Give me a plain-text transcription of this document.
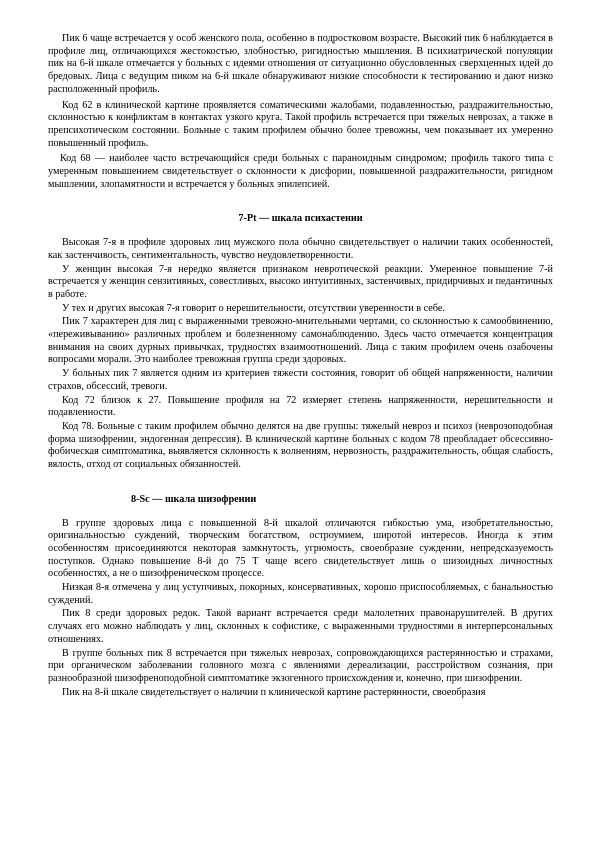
Пик 6 чаще встречается у особ женского пола, особенно в подростковом возрасте. Высокий пик 6 наблюдается в профиле лиц, отличающихся жестокостью, злобностью, ригидностью мышления. В психиатрической популяции пик на 6-й шкале отмечается у больных с идеями отношения от ситуационно обусловленных сверхценных идей до бредовых. Лица с ведущим пиком на 6-й шкале обнаруживают низкие способности к тестированию и дают низко расположенный профиль.

Код 62 в клинической картине проявляется соматическими жалобами, подавленностью, раздражительностью, склонностью к конфликтам в контактах узкого круга. Такой профиль встречается при тяжелых неврозах, а также в препсихотическом состоянии. Больные с таким профилем обычно более тревожны, чем показывает их умеренно повышенный профиль.

Код 68 — наиболее часто встречающийся среди больных с параноидным синдромом; профиль такого типа с умеренным повышением свидетельствует о склонности к дисфории, повышенной раздражительности, ригидном мышлении, злопамятности и встречается у больных эпилепсией.

7-Pt — шкала психастении

Высокая 7-я в профиле здоровых лиц мужского пола обычно свидетельствует о наличии таких особенностей, как застенчивость, сентиментальность, чувство неудовлетворенности.

У женщин высокая 7-я нередко является признаком невротической реакции. Умеренное повышение 7-й встречается у женщин сензитивных, совестливых, высоко интуитивных, застенчивых, придирчивых и педантичных в работе.

У тех и других высокая 7-я говорит о нерешительности, отсутствии уверенности в себе.

Пик 7 характерен для лиц с выраженными тревожно-мнительными чертами, со склонностью к самообвинению, «переживыванию» различных проблем и болезненному самонаблюдению. Здесь часто отмечается концентрация внимания на своих дурных привычках, трудностях взаимоотношений. Лица с таким профилем очень озабочены вопросами морали. Это наиболее тревожная группа среди здоровых.

У больных пик 7 является одним из критериев тяжести состояния, говорит об общей напряженности, наличии страхов, обсессий, тревоги.

Код 72 близок к 27. Повышение профиля на 72 измеряет степень напряженности, нерешительности и подавленности.

Код 78. Больные с таким профилем обычно делятся на две группы: тяжелый невроз и психоз (неврозоподобная форма шизофрении, эндогенная депрессия). В клинической картине больных с кодом 78 преобладает обсессивно-фобическая симптоматика, выявляется склонность к волнениям, нервозность, раздражительность, общая слабость, вялость, отход от социальных обязанностей.

8-Sc — шкала шизофрении

В группе здоровых лица с повышенной 8-й шкалой отличаются гибкостью ума, изобретательностью, оригинальностью суждений, творческим богатством, остроумием, широтой интересов. Иногда к этим особенностям присоединяются некоторая замкнутость, угрюмость, своеобразие суждении, непредсказуемость поступков. Однако повышение 8-й до 75 Т чаще всего свидетельствует лишь о шизоидных личностных особенностях, а не о шизофреническом процессе.

Низкая 8-я отмечена у лиц уступчивых, покорных, консервативных, хорошо приспособляемых, с банальностью суждений.

Пик 8 среди здоровых редок. Такой вариант встречается среди малолетних правонарушителей. В других случаях его можно наблюдать у лиц, склонных к софистике, с выраженными трудностями в интерперсональных отношениях.

В группе больных пик 8 встречается при тяжелых неврозах, сопровождающихся растерянностью и страхами, при органическом заболевании головного мозга с явлениями дереализации, расстройством сознания, при разнообразной шизофреноподобной симптоматике экзогенного происхождения и, конечно, при шизофрении.

Пик на 8-й шкале свидетельствует о наличии п клинической картине растерянности, своеобразия
